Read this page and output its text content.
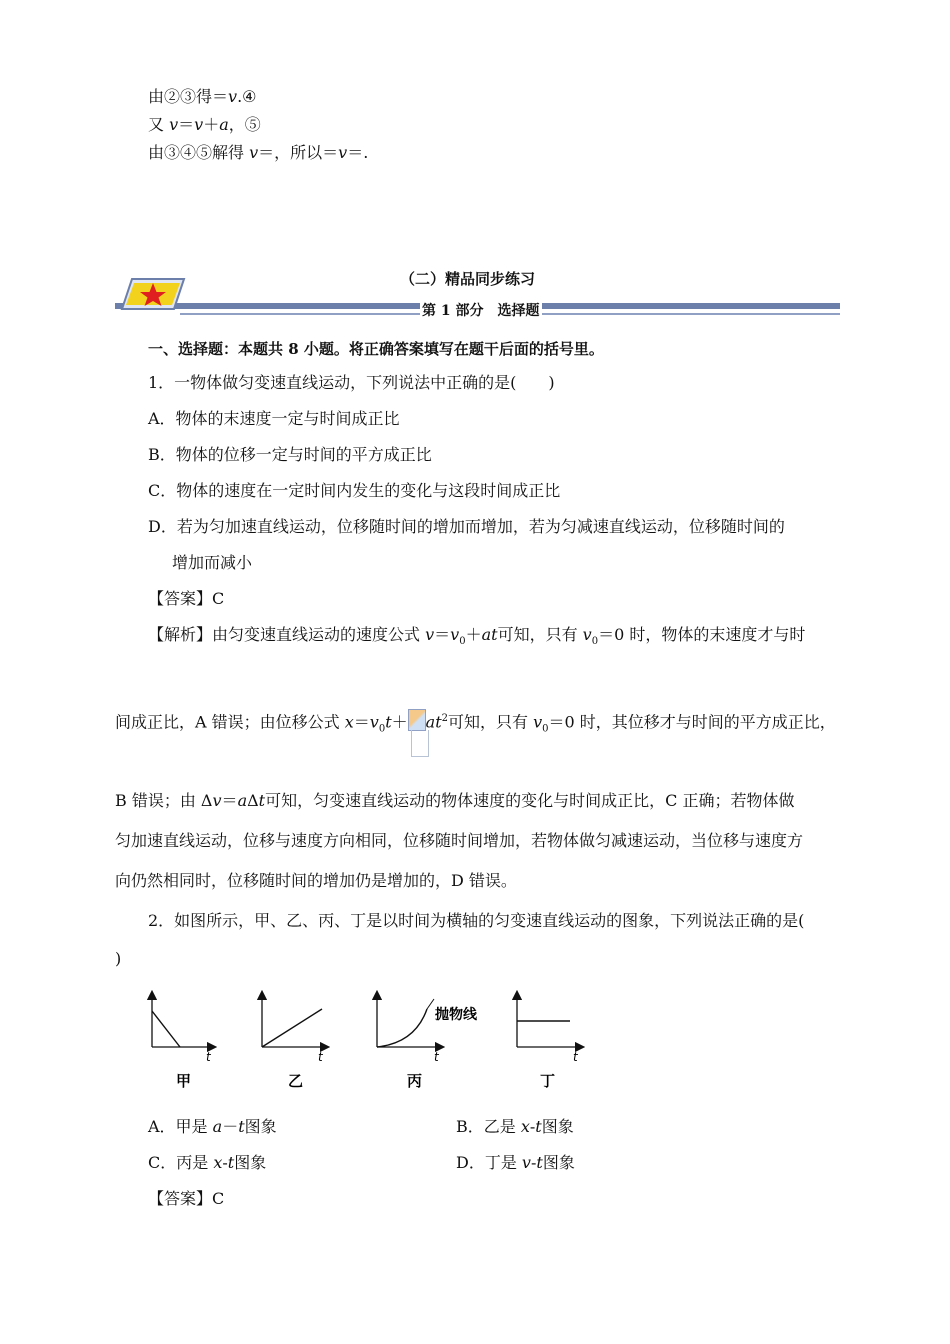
由②③得＝v.④
又 v＝v＋a，⑤
由③④⑤解得 v＝，所以＝v＝.
（二）精品同步练习
第 1 部分　选择题
一、选择题：本题共 8 小题。将正确答案填写在题干后面的括号里。
1．一物体做匀变速直线运动，下列说法中正确的是(　　)
A．物体的末速度一定与时间成正比
B．物体的位移一定与时间的平方成正比
C．物体的速度在一定时间内发生的变化与这段时间成正比
D．若为匀加速直线运动，位移随时间的增加而增加，若为匀减速直线运动，位移随时间的
增加而减小
【答案】C
【解析】由匀变速直线运动的速度公式 $v=v_0+at$可知，只有 $v_0=0$ 时，物体的末速度才与时
间成正比，A 错误；由位移公式 $x=v_0t+ at^2$可知，只有 $v_0=0$ 时，其位移才与时间的平方成正比，
B 错误；由 Δv＝aΔt可知，匀变速直线运动的物体速度的变化与时间成正比，C 正确；若物体做
匀加速直线运动，位移与速度方向相同，位移随时间增加，若物体做匀减速运动，当位移与速度方
向仍然相同时，位移随时间的增加仍是增加的，D 错误。
2．如图所示，甲、乙、丙、丁是以时间为横轴的匀变速直线运动的图象，下列说法正确的是(
)
t	t
抛物线
t	t
甲	乙	丙	丁
A．甲是 a－t图象	B．乙是 x-t图象
C．丙是 x-t图象	D．丁是 v-t图象
【答案】C
